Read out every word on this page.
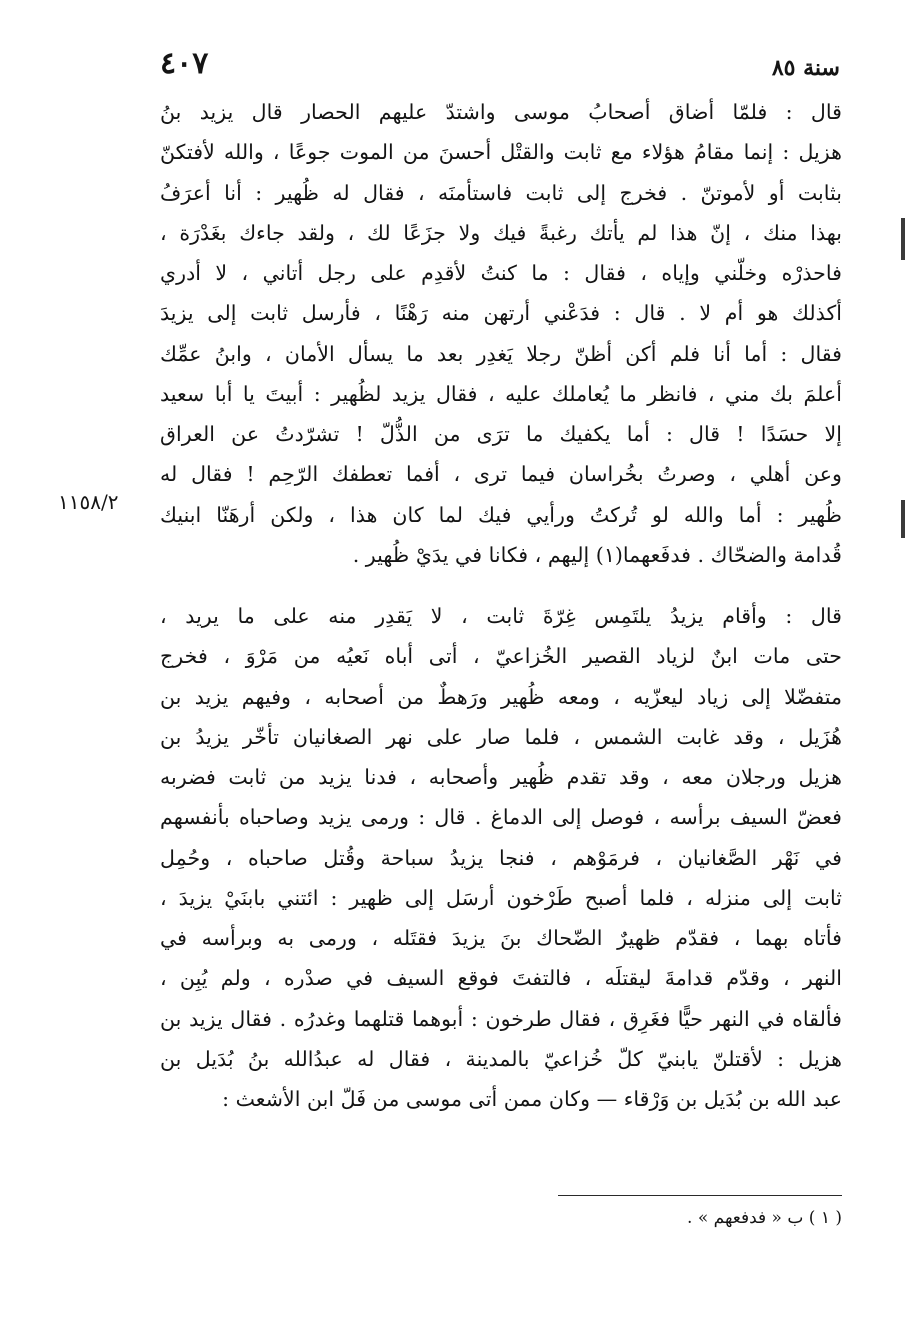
٤٠٧	سنة ٨٥
قال : فلمّا أضاق أصحابُ موسى واشتدّ عليهم الحصار قال يزيد بنُ
هزيل : إنما مقامُ هؤلاء مع ثابت والقتْل أحسنَ من الموت جوعًا ، والله لأفتكنّ
بثابت أو لأموتنّ . فخرج إلى ثابت فاستأمنَه ، فقال له ظُهير : أنا أعرَفُ
بهذا منك ، إنّ هذا لم يأتك رغبةً فيك ولا جزَعًا لك ، ولقد جاءك بغَدْرَة ،
فاحذرْه وخلّني وإياه ، فقال : ما كنتُ لأقدِم على رجل أتاني ، لا أدري
أكذلك هو أم لا . قال : فدَعْني أرتهن منه رَهْنًا ، فأرسل ثابت إلى يزيدَ
فقال : أما أنا فلم أكن أظنّ رجلا يَغدِر بعد ما يسأل الأمان ، وابنُ عمِّك
أعلمَ بك مني ، فانظر ما يُعاملك عليه ، فقال يزيد لظُهير : أبيتَ يا أبا سعيد
إلا حسَدًا ! قال : أما يكفيك ما ترَى من الذُّلّ ! تشرّدتُ عن العراق
وعن أهلي ، وصرتُ بخُراسان فيما ترى ، أفما تعطفك الرّحِم ! فقال له
ظُهير : أما والله لو تُركتُ ورأيي فيك لما كان هذا ، ولكن أرهَنّا ابنيك
قُدامة والضحّاك . فدفَعهما(١) إليهم ، فكانا في يدَيْ ظُهير .
قال : وأقام يزيدُ يلتَمِس غِرّةَ ثابت ، لا يَقدِر منه على ما يريد ،
حتى مات ابنٌ لزياد القصير الخُزاعيّ ، أتى أباه نَعيُه من مَرْوَ ، فخرج
متفضّلا إلى زياد ليعزّيه ، ومعه ظُهير ورَهطٌ من أصحابه ، وفيهم يزيد بن
هُزَيل ، وقد غابت الشمس ، فلما صار على نهر الصغانيان تأخّر يزيدُ بن
هزيل ورجلان معه ، وقد تقدم ظُهير وأصحابه ، فدنا يزيد من ثابت فضربه
فعضّ السيف برأسه ، فوصل إلى الدماغ . قال : ورمى يزيد وصاحباه بأنفسهم
في نَهْر الصَّغانيان ، فرمَوْهم ، فنجا يزيدُ سباحة وقُتل صاحباه ، وحُمِل
ثابت إلى منزله ، فلما أصبح طَرْخون أرسَل إلى ظهير : ائتني بابنَيْ يزيدَ ،
فأتاه بهما ، فقدّم ظهيرٌ الضّحاك بنَ يزيدَ فقتَله ، ورمى به وبرأسه في
النهر ، وقدّم قدامةَ ليقتلَه ، فالتفتَ فوقع السيف في صدْره ، ولم يُبِن ،
فألقاه في النهر حيًّا فغَرِق ، فقال طرخون : أبوهما قتلهما وغدرُه . فقال يزيد بن
هزيل : لأقتلنّ يابنيّ كلّ خُزاعيّ بالمدينة ، فقال له عبدُالله بنُ بُدَيل بن
عبد الله بن بُدَيل بن وَرْقاء — وكان ممن أتى موسى من فَلّ ابن الأشعث :
١١٥٨/٢
( ١ ) ب « فدفعهم » .
